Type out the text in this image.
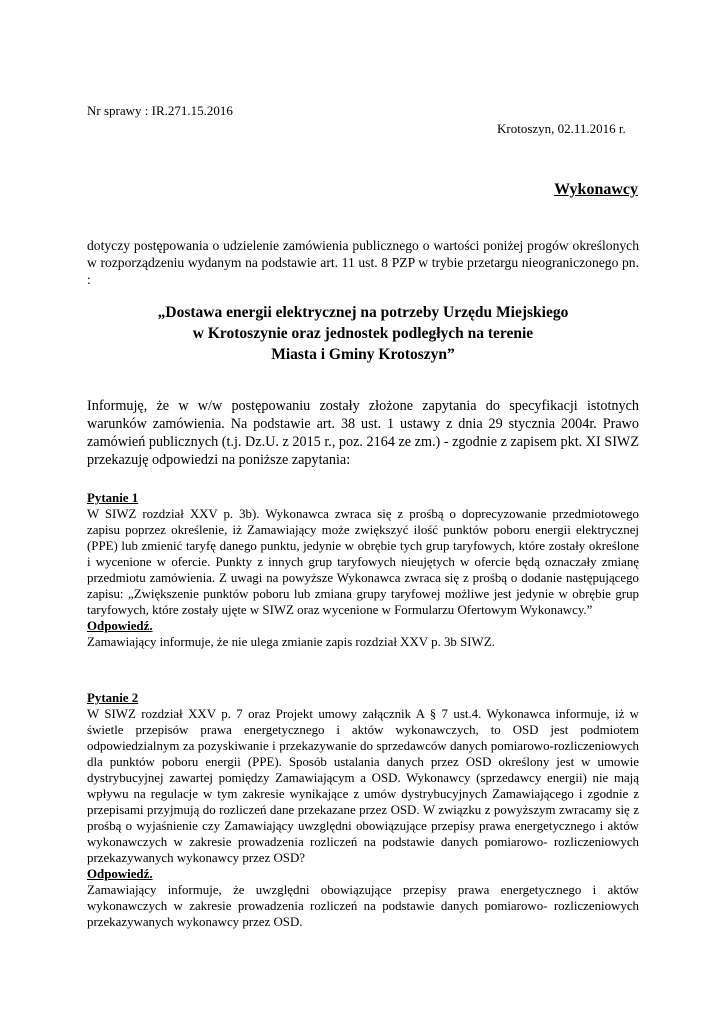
Nr sprawy : IR.271.15.2016
Krotoszyn, 02.11.2016 r.
Wykonawcy
dotyczy postępowania o udzielenie zamówienia publicznego o wartości poniżej progów określonych w rozporządzeniu wydanym na podstawie art. 11 ust. 8 PZP w trybie przetargu nieograniczonego pn. :
„Dostawa energii elektrycznej na potrzeby Urzędu Miejskiego
w Krotoszynie oraz jednostek podległych na terenie
Miasta i Gminy Krotoszyn”
Informuję, że w w/w postępowaniu zostały złożone zapytania do specyfikacji istotnych warunków zamówienia. Na podstawie art. 38 ust. 1 ustawy z dnia 29 stycznia 2004r. Prawo zamówień publicznych (t.j. Dz.U. z 2015 r., poz. 2164 ze zm.) - zgodnie z zapisem pkt. XI SIWZ przekazuję odpowiedzi na poniższe zapytania:
Pytanie 1
W SIWZ rozdział XXV p. 3b). Wykonawca zwraca się z prośbą o doprecyzowanie przedmiotowego zapisu poprzez określenie, iż Zamawiający może zwiększyć ilość punktów poboru energii elektrycznej (PPE) lub zmienić taryfę danego punktu, jedynie w obrębie tych grup taryfowych, które zostały określone i wycenione w ofercie. Punkty z innych grup taryfowych nieujętych w ofercie będą oznaczały zmianę przedmiotu zamówienia. Z uwagi na powyższe Wykonawca zwraca się z prośbą o dodanie następującego zapisu: „Zwiększenie punktów poboru lub zmiana grupy taryfowej możliwe jest jedynie w obrębie grup taryfowych, które zostały ujęte w SIWZ oraz wycenione w Formularzu Ofertowym Wykonawcy.”
Odpowiedź.
Zamawiający informuje, że nie ulega zmianie zapis rozdział XXV p. 3b SIWZ.
Pytanie 2
W SIWZ rozdział XXV p. 7 oraz Projekt umowy załącznik A § 7 ust.4. Wykonawca informuje, iż w świetle przepisów prawa energetycznego i aktów wykonawczych, to OSD jest podmiotem odpowiedzialnym za pozyskiwanie i przekazywanie do sprzedawców danych pomiarowo-rozliczeniowych dla punktów poboru energii (PPE). Sposób ustalania danych przez OSD określony jest w umowie dystrybucyjnej zawartej pomiędzy Zamawiającym a OSD. Wykonawcy (sprzedawcy energii) nie mają wpływu na regulacje w tym zakresie wynikające z umów dystrybucyjnych Zamawiającego i zgodnie z przepisami przyjmują do rozliczeń dane przekazane przez OSD. W związku z powyższym zwracamy się z prośbą o wyjaśnienie czy Zamawiający uwzględni obowiązujące przepisy prawa energetycznego i aktów wykonawczych w zakresie prowadzenia rozliczeń na podstawie danych pomiarowo- rozliczeniowych przekazywanych wykonawcy przez OSD?
Odpowiedź.
Zamawiający informuje, że uwzględni obowiązujące przepisy prawa energetycznego i aktów wykonawczych w zakresie prowadzenia rozliczeń na podstawie danych pomiarowo- rozliczeniowych przekazywanych wykonawcy przez OSD.
